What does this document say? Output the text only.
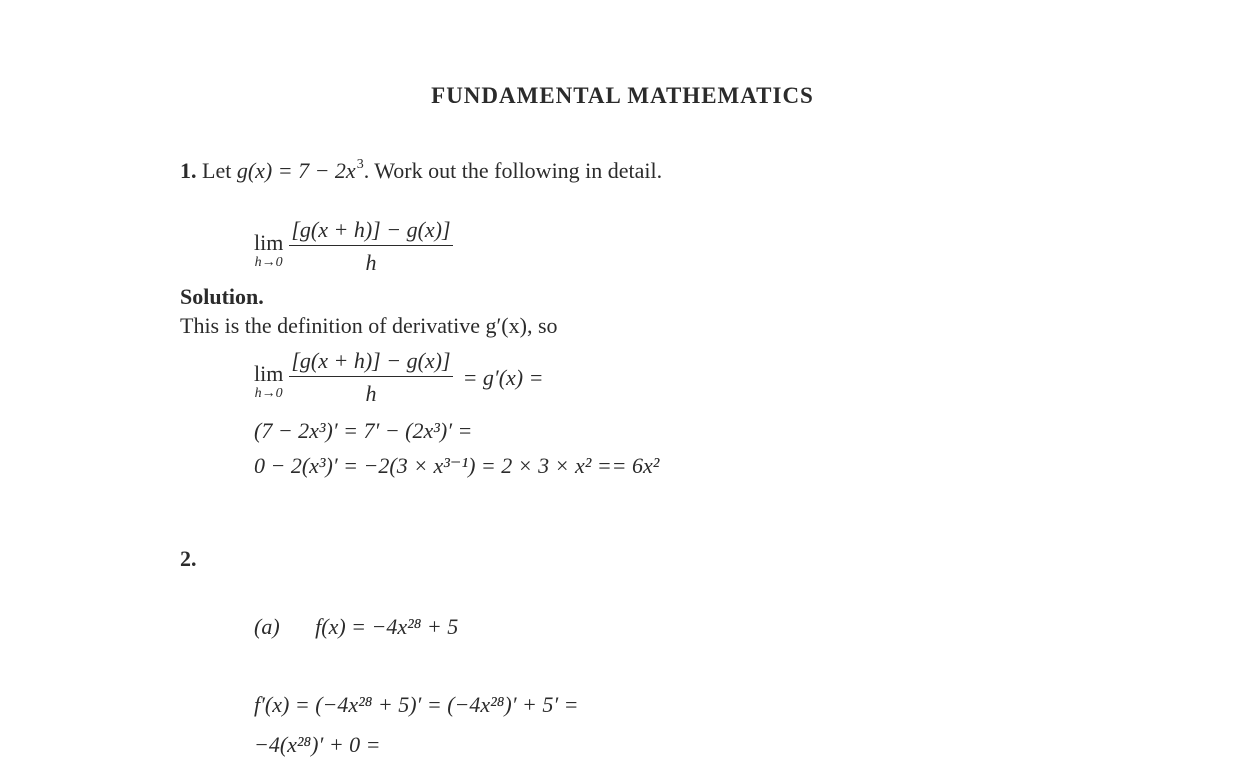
FUNDAMENTAL MATHEMATICS
1. Let $g(x) = 7 - 2x^3$. Work out the following in detail.
lim
$h\to 0 \frac{[g(x + h)] - g(x)]}{h}$
Solution.
This is the definition of derivative g′(x), so
lim
$h\to 0 \frac{[g(x + h)] - g(x)]}{h} = g'(x)$ =
(7 − 2x³)′ = 7′ − (2x³)′ =
0 − 2(x³)′ = −2(3 × x³⁻¹) = 2 × 3 × x² == 6x²
2.
(a) f(x) = −4x²⁸ + 5
f′(x) = (−4x²⁸ + 5)′ = (−4x²⁸)′ + 5′ =
−4(x²⁸)′ + 0 =
